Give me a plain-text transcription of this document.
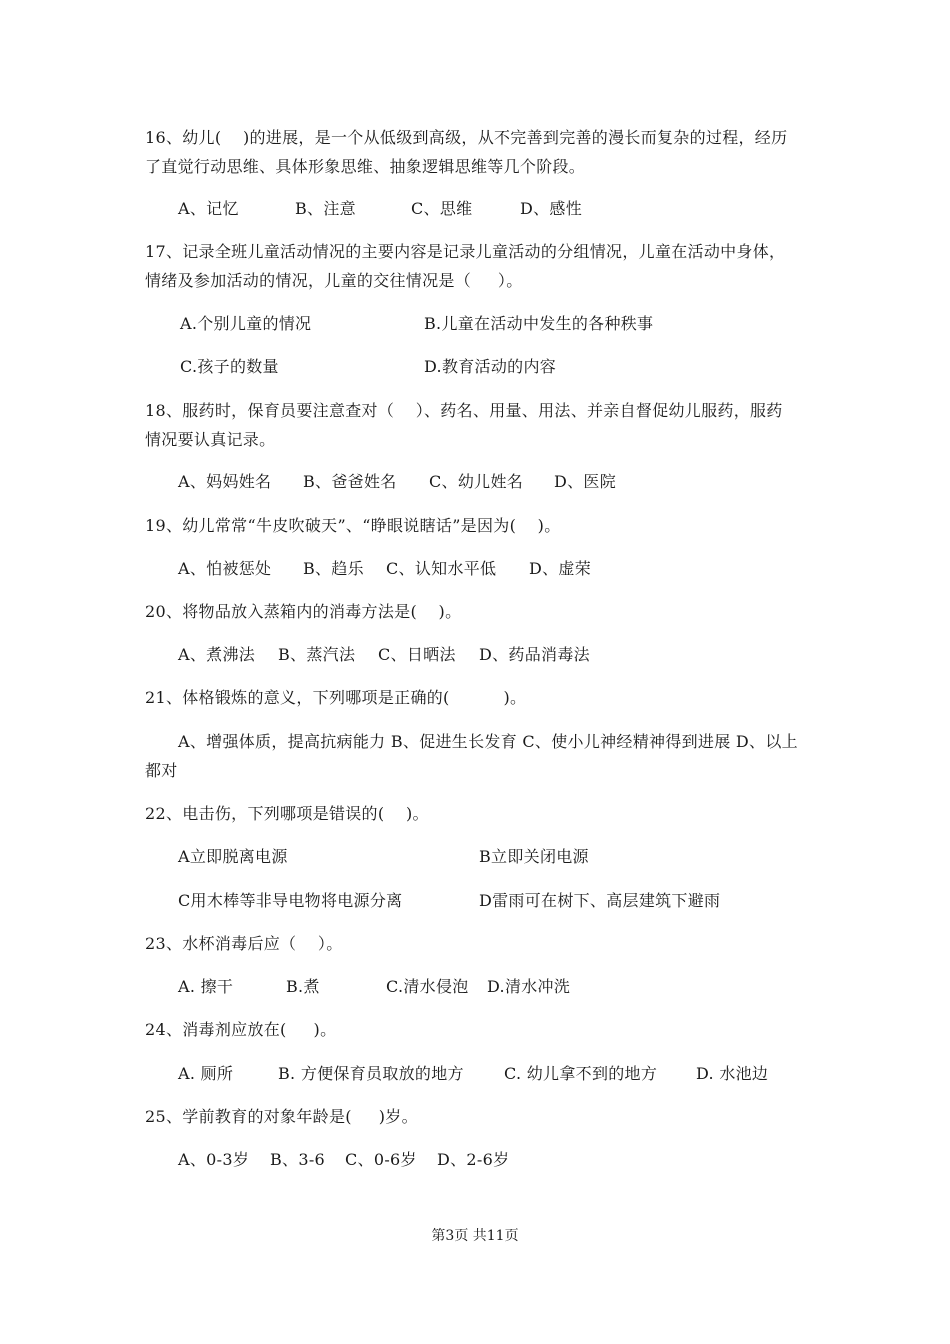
16、幼儿(    )的进展，是一个从低级到高级，从不完善到完善的漫长而复杂的过程，经历
了直觉行动思维、具体形象思维、抽象逻辑思维等几个阶段。
A、记忆	B、注意	C、思维	D、感性
17、记录全班儿童活动情况的主要内容是记录儿童活动的分组情况，儿童在活动中身体，
情绪及参加活动的情况，儿童的交往情况是（     ）。
A.个别儿童的情况	B.儿童在活动中发生的各种秩事
C.孩子的数量	D.教育活动的内容
18、服药时，保育员要注意查对（    ）、药名、用量、用法、并亲自督促幼儿服药，服药
情况要认真记录。
A、妈妈姓名 B、爸爸姓名 C、幼儿姓名 D、医院
19、幼儿常常“牛皮吹破天”、“睁眼说瞎话”是因为(    )。
A、怕被惩处 B、趋乐 C、认知水平低 D、虚荣
20、将物品放入蒸箱内的消毒方法是(    )。
A、煮沸法 B、蒸汽法 C、日晒法 D、药品消毒法
21、体格锻炼的意义，下列哪项是正确的(          )。
A、增强体质，提高抗病能力 B、促进生长发育 C、使小儿神经精神得到进展 D、以上
都对
22、电击伤，下列哪项是错误的(    )。
A立即脱离电源	B立即关闭电源
C用木棒等非导电物将电源分离	D雷雨可在树下、高层建筑下避雨
23、水杯消毒后应（    ）。
A. 擦干	B.煮	C.清水侵泡 D.清水冲洗
24、消毒剂应放在(     )。
A. 厕所	B. 方便保育员取放的地方	C. 幼儿拿不到的地方 D. 水池边
25、学前教育的对象年龄是(     )岁。
A、0-3岁 B、3-6 C、0-6岁 D、2-6岁
第3页 共11页
